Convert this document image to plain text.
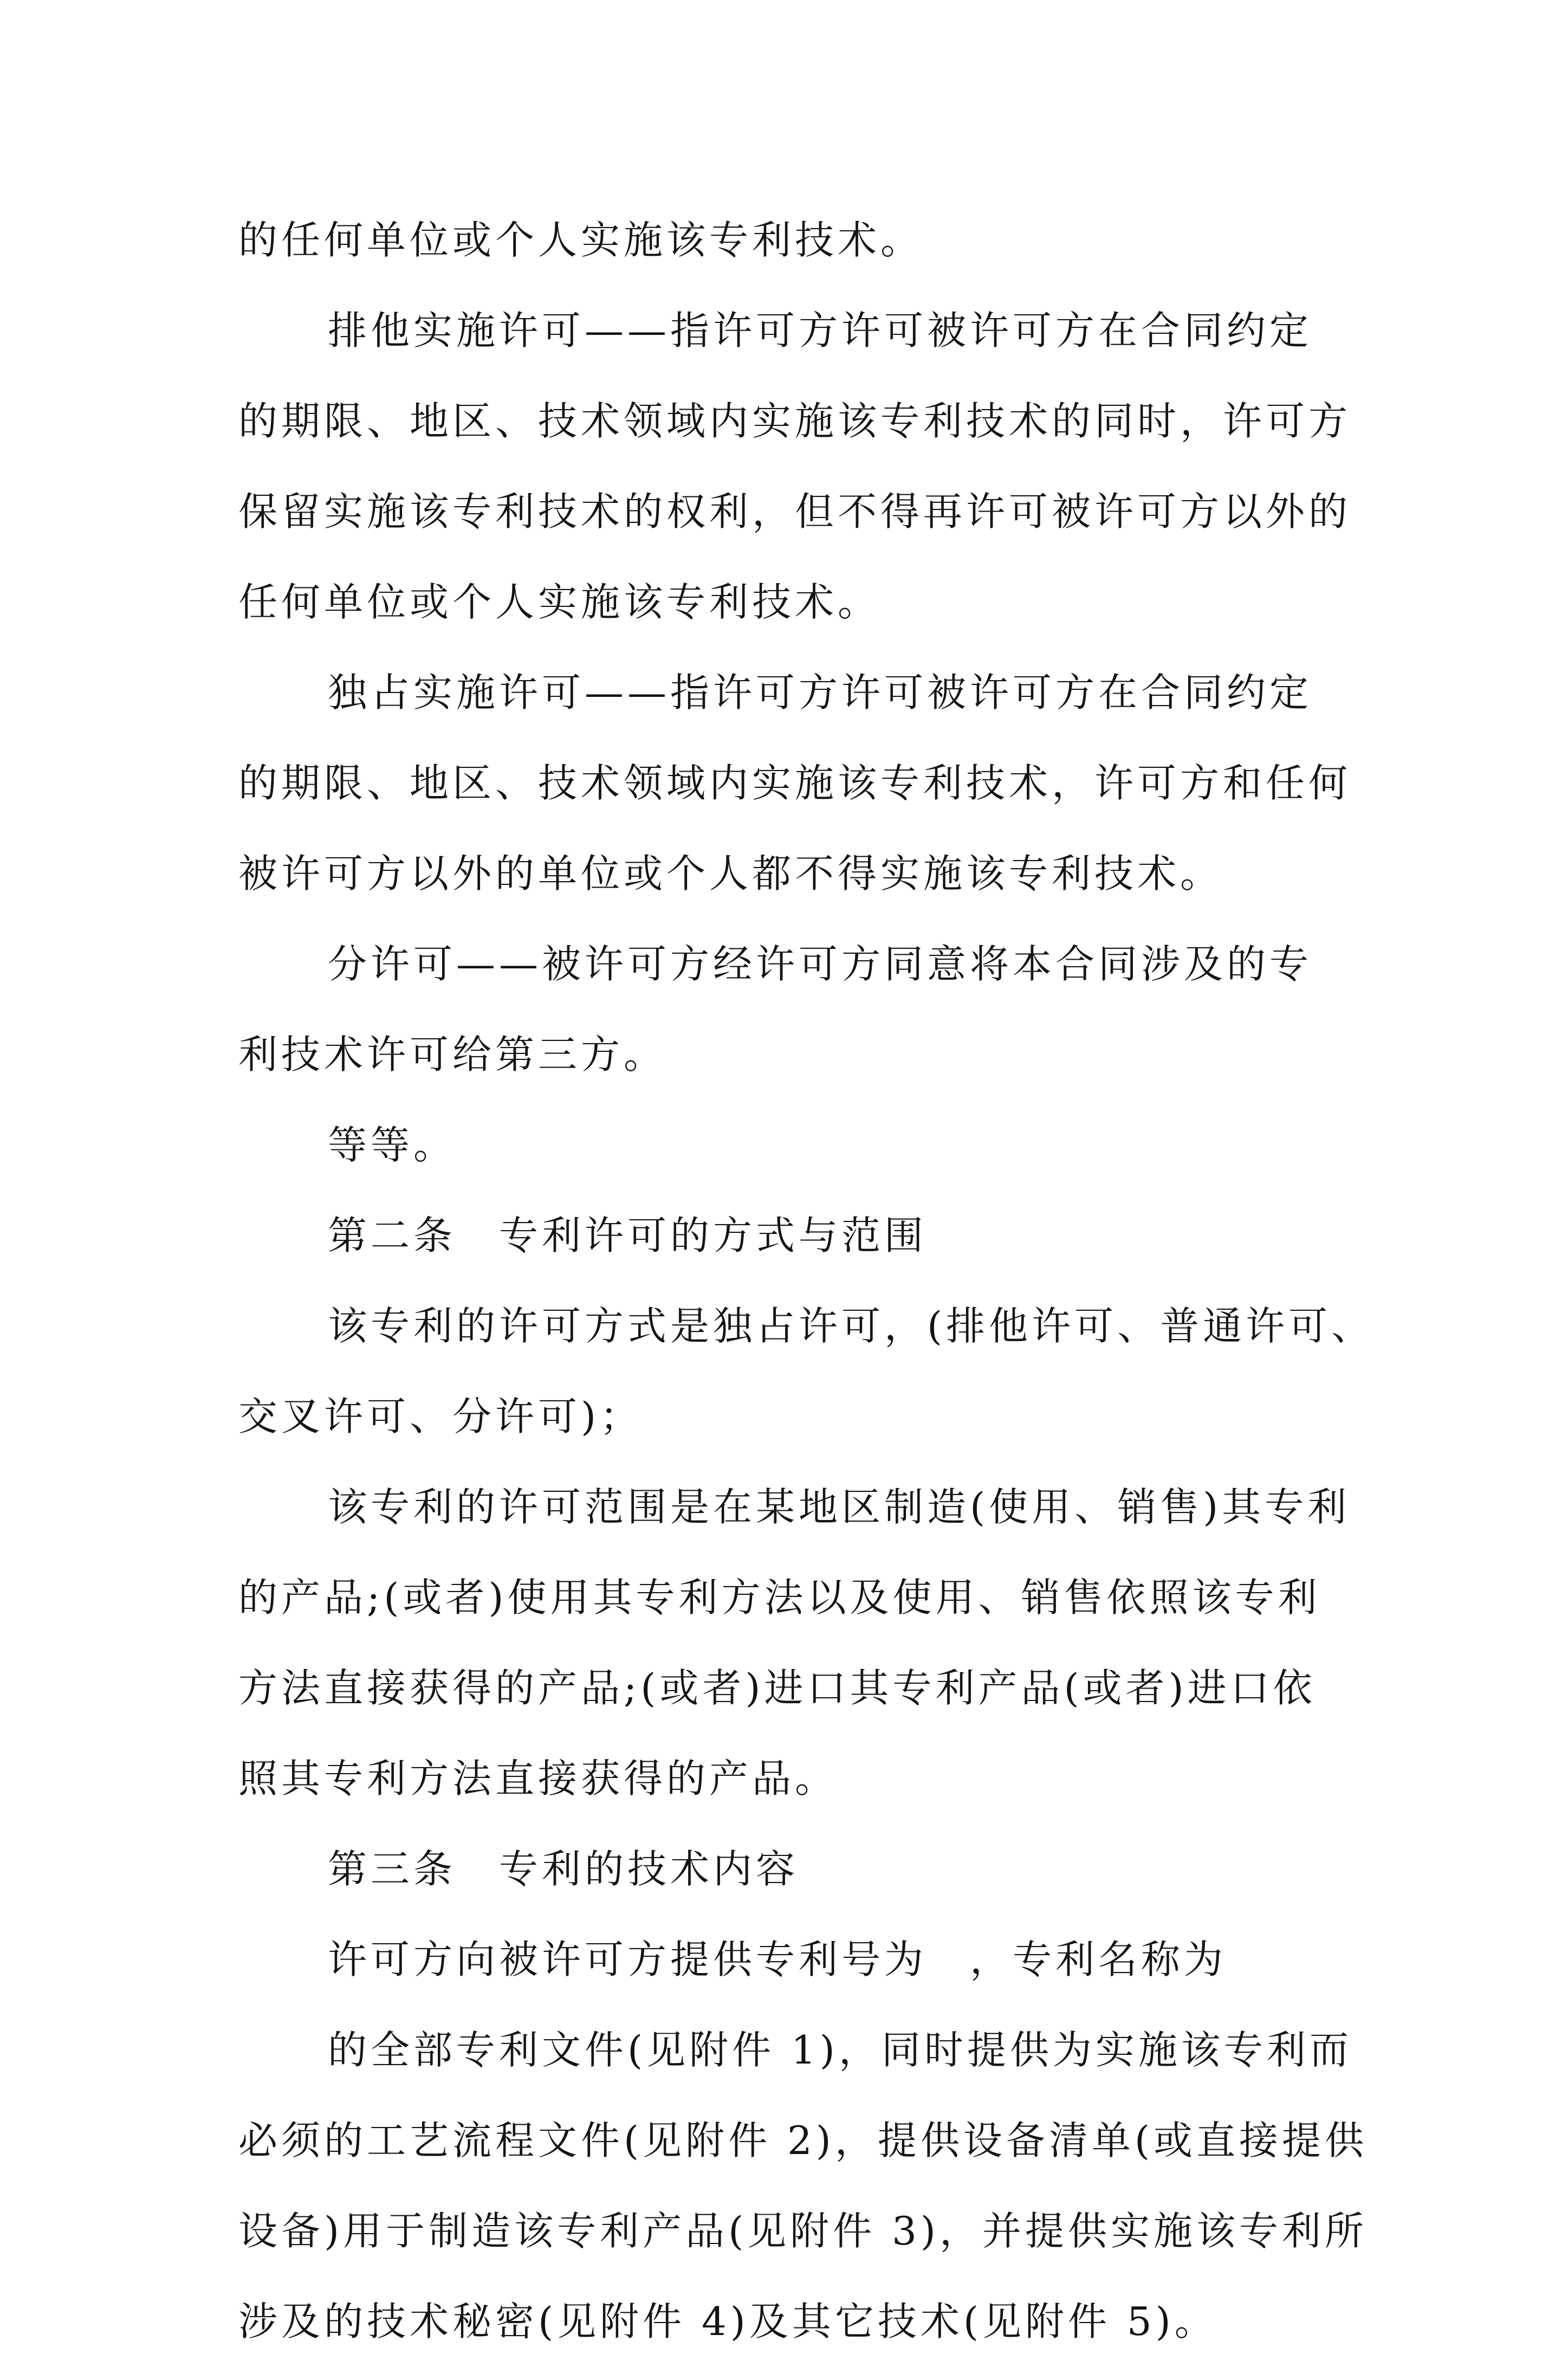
的任何单位或个人实施该专利技术。
排他实施许可——指许可方许可被许可方在合同约定
的期限、地区、技术领域内实施该专利技术的同时，许可方
保留实施该专利技术的权利，但不得再许可被许可方以外的
任何单位或个人实施该专利技术。
独占实施许可——指许可方许可被许可方在合同约定
的期限、地区、技术领域内实施该专利技术，许可方和任何
被许可方以外的单位或个人都不得实施该专利技术。
分许可——被许可方经许可方同意将本合同涉及的专
利技术许可给第三方。
等等。
第二条　专利许可的方式与范围
该专利的许可方式是独占许可，(排他许可、普通许可、
交叉许可、分许可)；
该专利的许可范围是在某地区制造(使用、销售)其专利
的产品;(或者)使用其专利方法以及使用、销售依照该专利
方法直接获得的产品;(或者)进口其专利产品(或者)进口依
照其专利方法直接获得的产品。
第三条　专利的技术内容
许可方向被许可方提供专利号为　，专利名称为
的全部专利文件(见附件 1)，同时提供为实施该专利而
必须的工艺流程文件(见附件 2)，提供设备清单(或直接提供
设备)用于制造该专利产品(见附件 3)，并提供实施该专利所
涉及的技术秘密(见附件 4)及其它技术(见附件 5)。
